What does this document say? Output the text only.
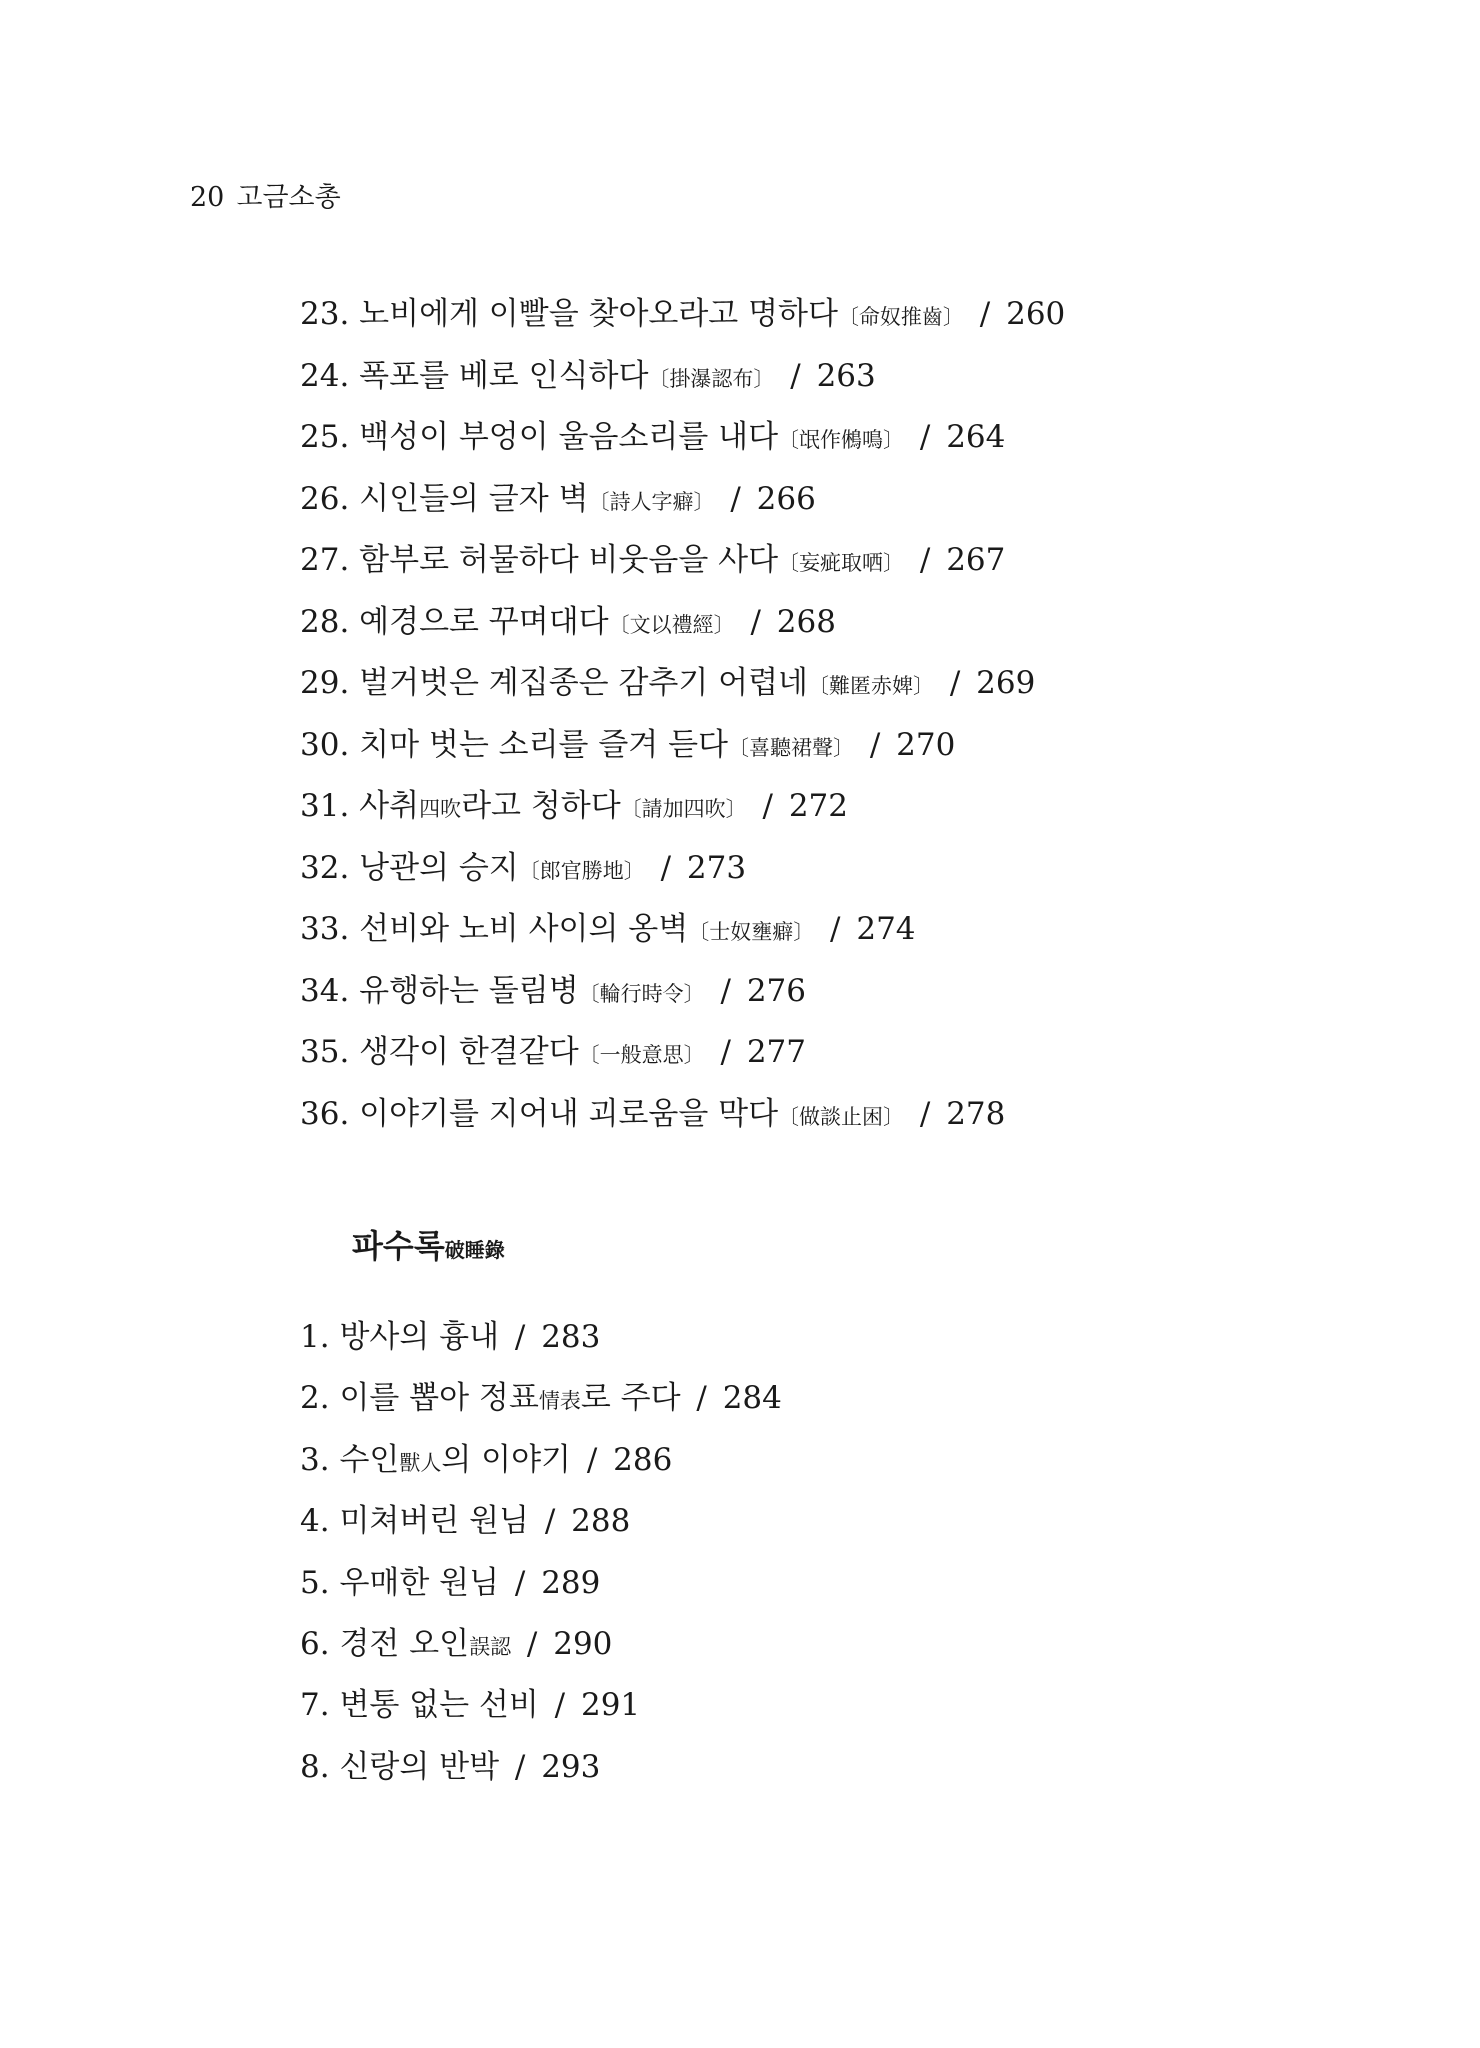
20 고금소총
23. 노비에게 이빨을 찾아오라고 명하다〔命奴推齒〕 / 260
24. 폭포를 베로 인식하다〔掛瀑認布〕 / 263
25. 백성이 부엉이 울음소리를 내다〔氓作鵂鳴〕 / 264
26. 시인들의 글자 벽〔詩人字癖〕 / 266
27. 함부로 허물하다 비웃음을 사다〔妄疵取哂〕 / 267
28. 예경으로 꾸며대다〔文以禮經〕 / 268
29. 벌거벗은 계집종은 감추기 어렵네〔難匿赤婢〕 / 269
30. 치마 벗는 소리를 즐겨 듣다〔喜聽裙聲〕 / 270
31. 사취四吹라고 청하다〔請加四吹〕 / 272
32. 낭관의 승지〔郎官勝地〕 / 273
33. 선비와 노비 사이의 옹벽〔士奴壅癖〕 / 274
34. 유행하는 돌림병〔輪行時令〕 / 276
35. 생각이 한결같다〔一般意思〕 / 277
36. 이야기를 지어내 괴로움을 막다〔做談止困〕 / 278
파수록破睡錄
1. 방사의 흉내 / 283
2. 이를 뽑아 정표情表로 주다 / 284
3. 수인獸人의 이야기 / 286
4. 미쳐버린 원님 / 288
5. 우매한 원님 / 289
6. 경전 오인誤認 / 290
7. 변통 없는 선비 / 291
8. 신랑의 반박 / 293
